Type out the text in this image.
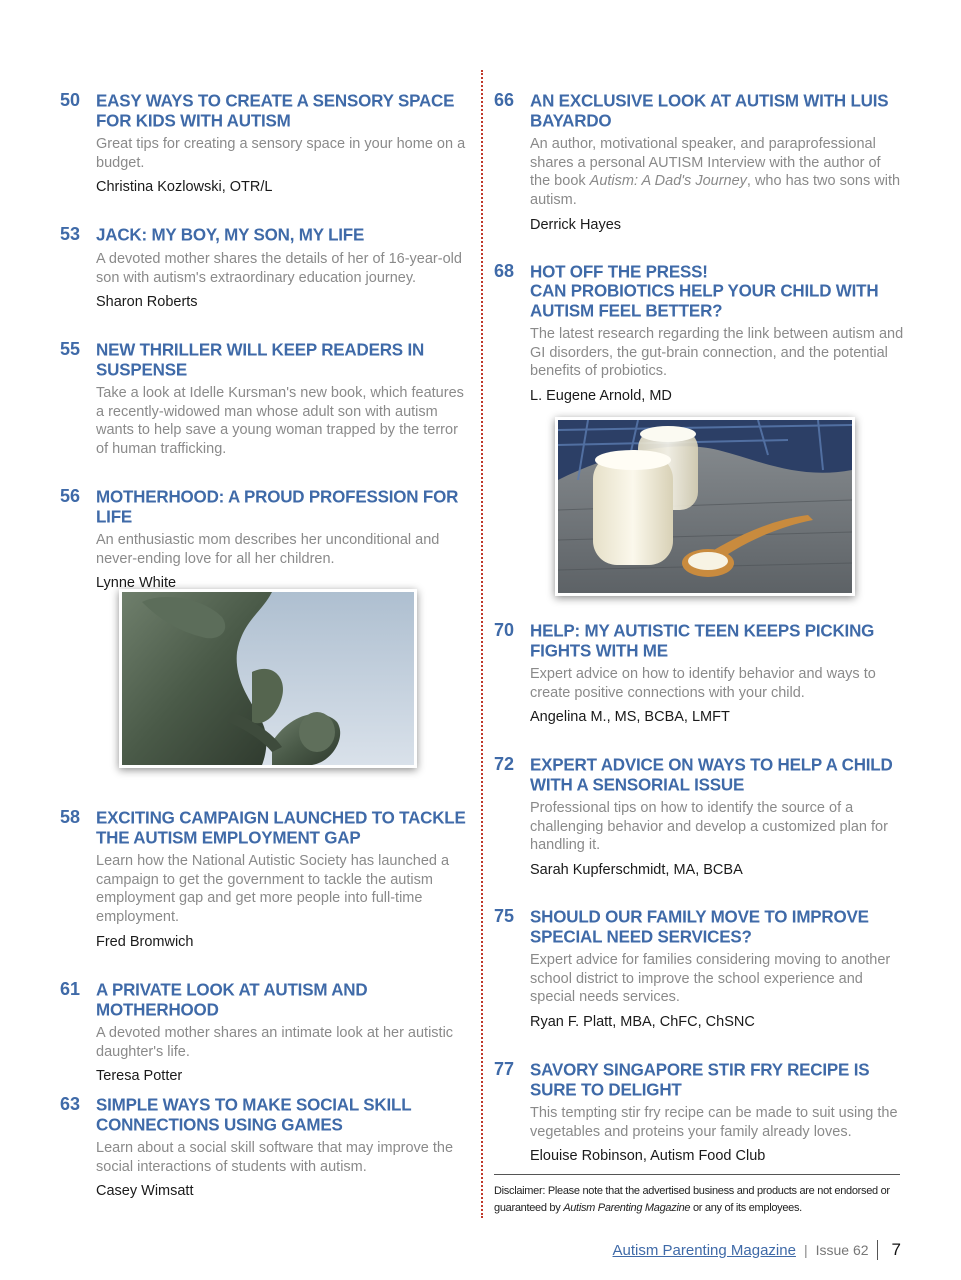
50 EASY WAYS TO CREATE A SENSORY SPACE FOR KIDS WITH AUTISM
Great tips for creating a sensory space in your home on a budget.
Christina Kozlowski, OTR/L
53 JACK: MY BOY, MY SON, MY LIFE
A devoted mother shares the details of her of 16-year-old son with autism's extraordinary education journey.
Sharon Roberts
55 NEW THRILLER WILL KEEP READERS IN SUSPENSE
Take a look at Idelle Kursman's new book, which features a recently-widowed man whose adult son with autism wants to help save a young woman trapped by the terror of human trafficking.
56 MOTHERHOOD: A PROUD PROFESSION FOR LIFE
An enthusiastic mom describes her unconditional and never-ending love for all her children.
Lynne White
58 EXCITING CAMPAIGN LAUNCHED TO TACKLE THE AUTISM EMPLOYMENT GAP
Learn how the National Autistic Society has launched a campaign to get the government to tackle the autism employment gap and get more people into full-time employment.
Fred Bromwich
61 A PRIVATE LOOK AT AUTISM AND MOTHERHOOD
A devoted mother shares an intimate look at her autistic daughter's life.
Teresa Potter
63 SIMPLE WAYS TO MAKE SOCIAL SKILL CONNECTIONS USING GAMES
Learn about a social skill software that may improve the social interactions of students with autism.
Casey Wimsatt
66 AN EXCLUSIVE LOOK AT AUTISM WITH LUIS BAYARDO
An author, motivational speaker, and paraprofessional shares a personal AUTISM Interview with the author of the book Autism: A Dad's Journey, who has two sons with autism.
Derrick Hayes
68 HOT OFF THE PRESS!
CAN PROBIOTICS HELP YOUR CHILD WITH AUTISM FEEL BETTER?
The latest research regarding the link between autism and GI disorders, the gut-brain connection, and the potential benefits of probiotics.
L. Eugene Arnold, MD
70 HELP: MY AUTISTIC TEEN KEEPS PICKING FIGHTS WITH ME
Expert advice on how to identify behavior and ways to create positive connections with your child.
Angelina M., MS, BCBA, LMFT
72 EXPERT ADVICE ON WAYS TO HELP A CHILD WITH A SENSORIAL ISSUE
Professional tips on how to identify the source of a challenging behavior and develop a customized plan for handling it.
Sarah Kupferschmidt, MA, BCBA
75 SHOULD OUR FAMILY MOVE TO IMPROVE SPECIAL NEED SERVICES?
Expert advice for families considering moving to another school district to improve the school experience and special needs services.
Ryan F. Platt, MBA, ChFC, ChSNC
77 SAVORY SINGAPORE STIR FRY RECIPE IS SURE TO DELIGHT
This tempting stir fry recipe can be made to suit using the vegetables and proteins your family already loves.
Elouise Robinson, Autism Food Club
Disclaimer: Please note that the advertised business and products are not endorsed or guaranteed by Autism Parenting Magazine or any of its employees.
Autism Parenting Magazine | Issue 62 7
